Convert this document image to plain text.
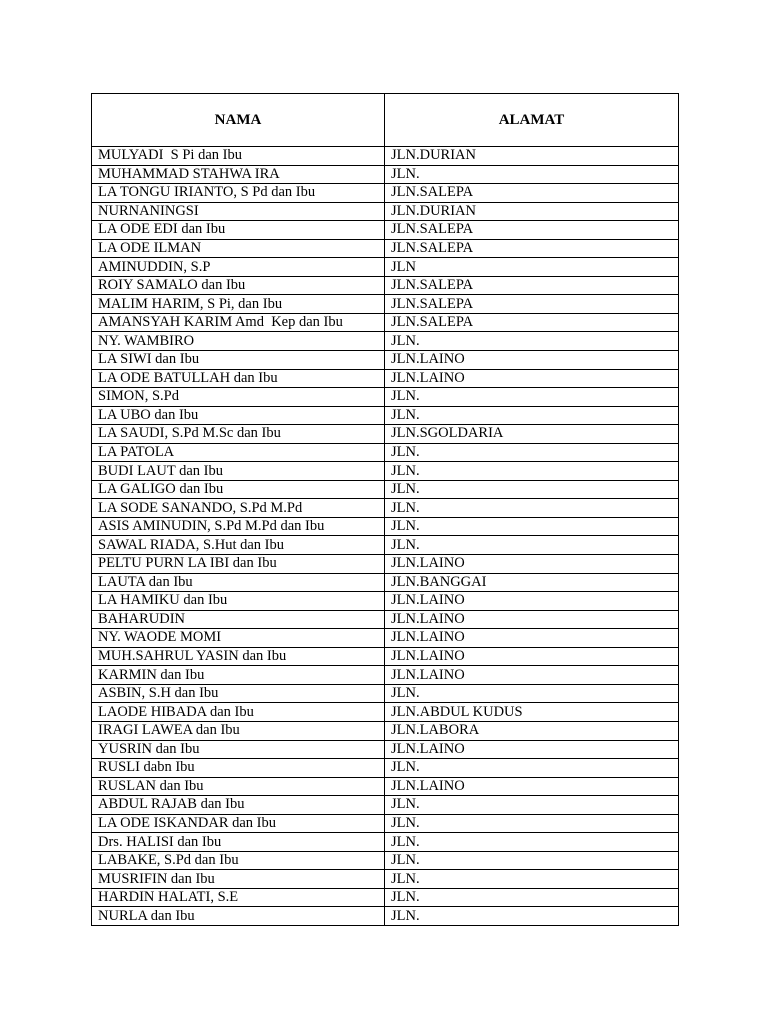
NAMA	ALAMAT
MULYADI  S Pi dan Ibu	JLN.DURIAN
MUHAMMAD STAHWA IRA	JLN.
LA TONGU IRIANTO, S Pd dan Ibu	JLN.SALEPA
NURNANINGSI	JLN.DURIAN
LA ODE EDI dan Ibu	JLN.SALEPA
LA ODE ILMAN	JLN.SALEPA
AMINUDDIN, S.P	JLN
ROIY SAMALO dan Ibu	JLN.SALEPA
MALIM HARIM, S Pi, dan Ibu	JLN.SALEPA
AMANSYAH KARIM Amd  Kep dan Ibu	JLN.SALEPA
NY. WAMBIRO	JLN.
LA SIWI dan Ibu	JLN.LAINO
LA ODE BATULLAH dan Ibu	JLN.LAINO
SIMON, S.Pd	JLN.
LA UBO dan Ibu	JLN.
LA SAUDI, S.Pd M.Sc dan Ibu	JLN.SGOLDARIA
LA PATOLA	JLN.
BUDI LAUT dan Ibu	JLN.
LA GALIGO dan Ibu	JLN.
LA SODE SANANDO, S.Pd M.Pd	JLN.
ASIS AMINUDIN, S.Pd M.Pd dan Ibu	JLN.
SAWAL RIADA, S.Hut dan Ibu	JLN.
PELTU PURN LA IBI dan Ibu	JLN.LAINO
LAUTA dan Ibu	JLN.BANGGAI
LA HAMIKU dan Ibu	JLN.LAINO
BAHARUDIN	JLN.LAINO
NY. WAODE MOMI	JLN.LAINO
MUH.SAHRUL YASIN dan Ibu	JLN.LAINO
KARMIN dan Ibu	JLN.LAINO
ASBIN, S.H dan Ibu	JLN.
LAODE HIBADA dan Ibu	JLN.ABDUL KUDUS
IRAGI LAWEA dan Ibu	JLN.LABORA
YUSRIN dan Ibu	JLN.LAINO
RUSLI dabn Ibu	JLN.
RUSLAN dan Ibu	JLN.LAINO
ABDUL RAJAB dan Ibu	JLN.
LA ODE ISKANDAR dan Ibu	JLN.
Drs. HALISI dan Ibu	JLN.
LABAKE, S.Pd dan Ibu	JLN.
MUSRIFIN dan Ibu	JLN.
HARDIN HALATI, S.E	JLN.
NURLA dan Ibu	JLN.
